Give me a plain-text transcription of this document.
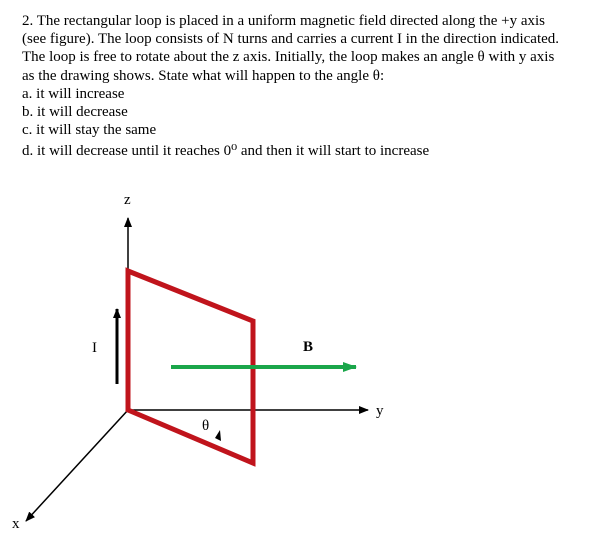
2. The rectangular loop is placed in a uniform magnetic field directed along the +y axis
(see figure). The loop consists of N turns and carries a current I in the direction indicated.
The loop is free to rotate about the z axis. Initially, the loop makes an angle θ with y axis
as the drawing shows. State what will happen to the angle θ:
a. it will increase
b. it will decrease
c. it will stay the same
d. it will decrease until it reaches 0⁰ and then it will start to increase
z
y
x
I	B
θ
